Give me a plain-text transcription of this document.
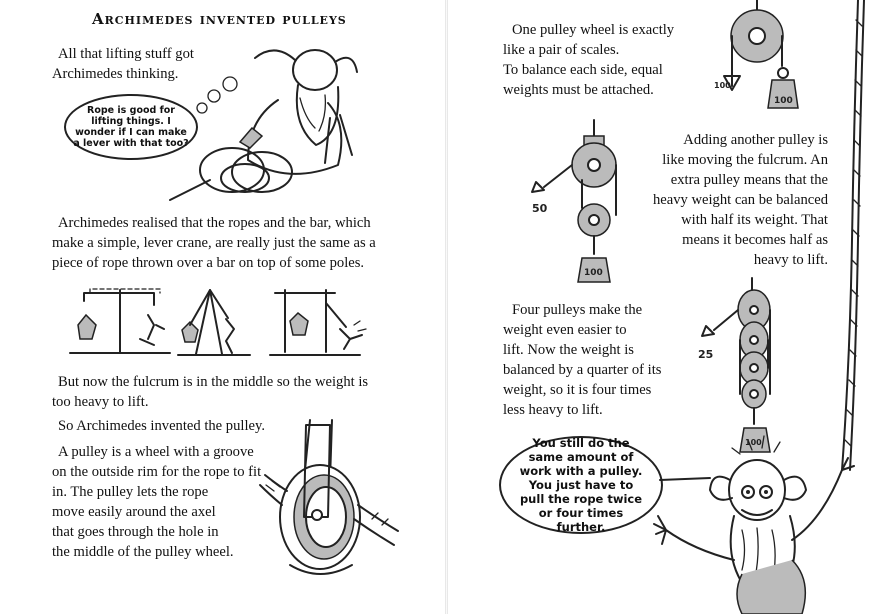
Archimedes invented pulleys

All that lifting stuff got

Archimedes thinking.

Rope is good for lifting things. I wonder if I can make a lever with that too?

Archimedes realised that the ropes and the bar, which

make a simple, lever crane, are really just the same as a

piece of rope thrown over a bar on top of some poles.

But now the fulcrum is in the middle so the weight is

too heavy to lift.

So Archimedes invented the pulley.

A pulley is a wheel with a groove

on the outside rim for the rope to fit

in. The pulley lets the rope

move easily around the axel

that goes through the hole in

the middle of the pulley wheel.

One pulley wheel is exactly

like a pair of scales.

To balance each side, equal

weights must be attached.	100
100

Adding another pulley is

like moving the fulcrum. An

extra pulley means that the

heavy weight can be balanced

with half its weight. That

means it becomes half as

heavy to lift.

50
100

Four pulleys make the

weight even easier to

lift. Now the weight is

balanced by a quarter of its

weight, so it is four times

less heavy to lift.

25
100
You still do the same amount of work with a pulley. You just have to pull the rope twice or four times further.
